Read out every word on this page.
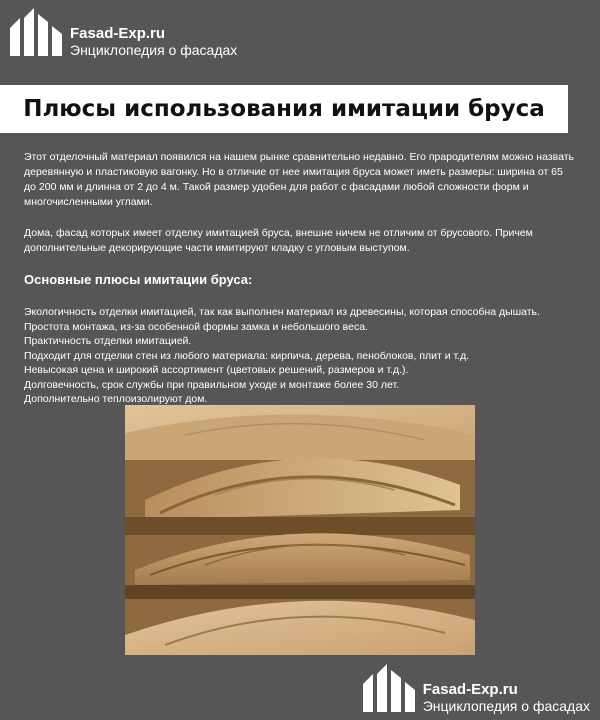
Fasad-Exp.ru
Энциклопедия о фасадах
Плюсы использования имитации бруса

Этот отделочный материал появился на нашем рынке сравнительно недавно. Его прародителям можно назвать деревянную и пластиковую вагонку. Но в отличие от нее имитация бруса может иметь размеры: ширина от 65 до 200 мм и длинна от 2 до 4 м. Такой размер удобен для работ с фасадами любой сложности форм и многочисленными углами.

Дома, фасад которых имеет отделку имитацией бруса, внешне ничем не отличим от брусового. Причем дополнительные декорирующие части имитируют кладку с угловым выступом.

Основные плюсы имитации бруса:
Экологичность отделки имитацией, так как выполнен материал из древесины, которая способна дышать.
Простота монтажа, из-за особенной формы замка и небольшого веса.
Практичность отделки имитацией.
Подходит для отделки стен из любого материала: кирпича, дерева, пеноблоков, плит и т.д.
Невысокая цена и широкий ассортимент (цветовых решений, размеров и т.д.).
Долговечность, срок службы при правильном уходе и монтаже более 30 лет.
Дополнительно теплоизолируют дом.
Fasad-Exp.ru
Энциклопедия о фасадах
